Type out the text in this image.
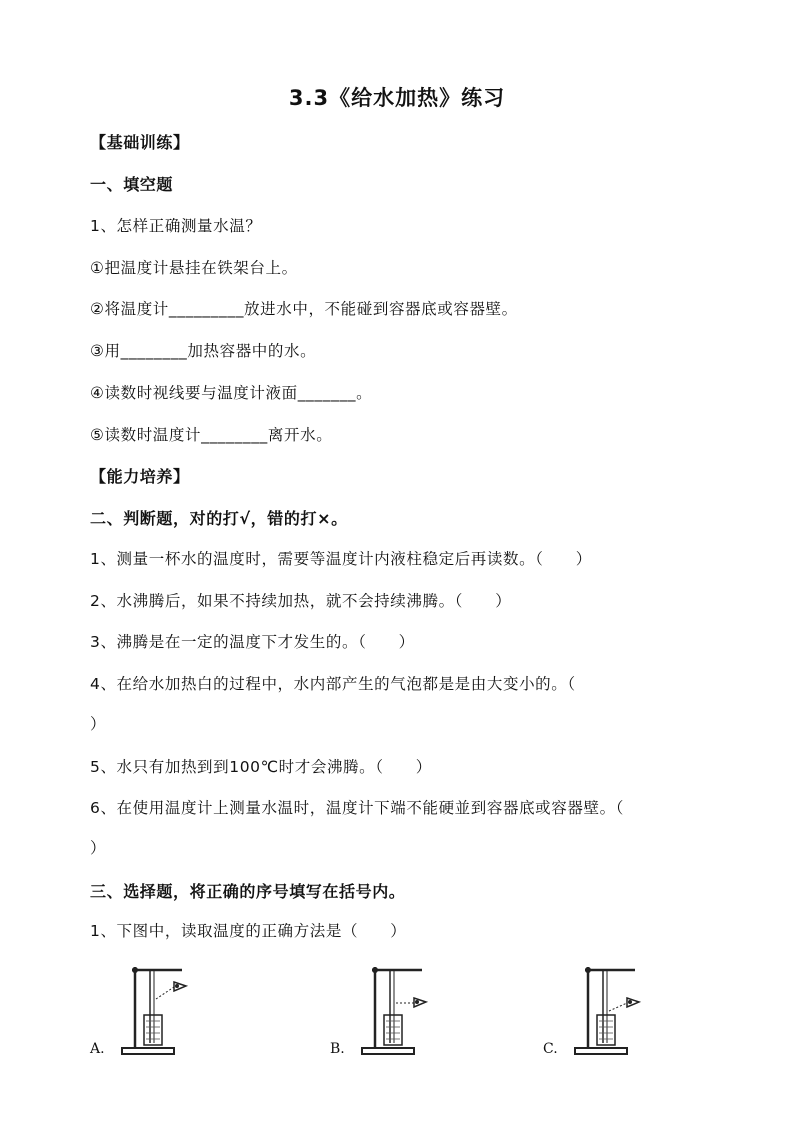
3.3《给水加热》练习
【基础训练】
一、填空题
1、怎样正确测量水温？
①把温度计悬挂在铁架台上。
②将温度计_________放进水中，不能碰到容器底或容器壁。
③用________加热容器中的水。
④读数时视线要与温度计液面_______。
⑤读数时温度计________离开水。
【能力培养】
二、判断题，对的打√，错的打×。
1、测量一杯水的温度时，需要等温度计内液柱稳定后再读数。（　　）
2、水沸腾后，如果不持续加热，就不会持续沸腾。（　　）
3、沸腾是在一定的温度下才发生的。（　　）
4、在给水加热白的过程中，水内部产生的气泡都是是由大变小的。（
）
5、水只有加热到到100℃时才会沸腾。（　　）
6、在使用温度计上测量水温时，温度计下端不能硬並到容器底或容器壁。（
）
三、选择题，将正确的序号填写在括号内。
1、下图中，读取温度的正确方法是（　　）
A.	B.	C.
